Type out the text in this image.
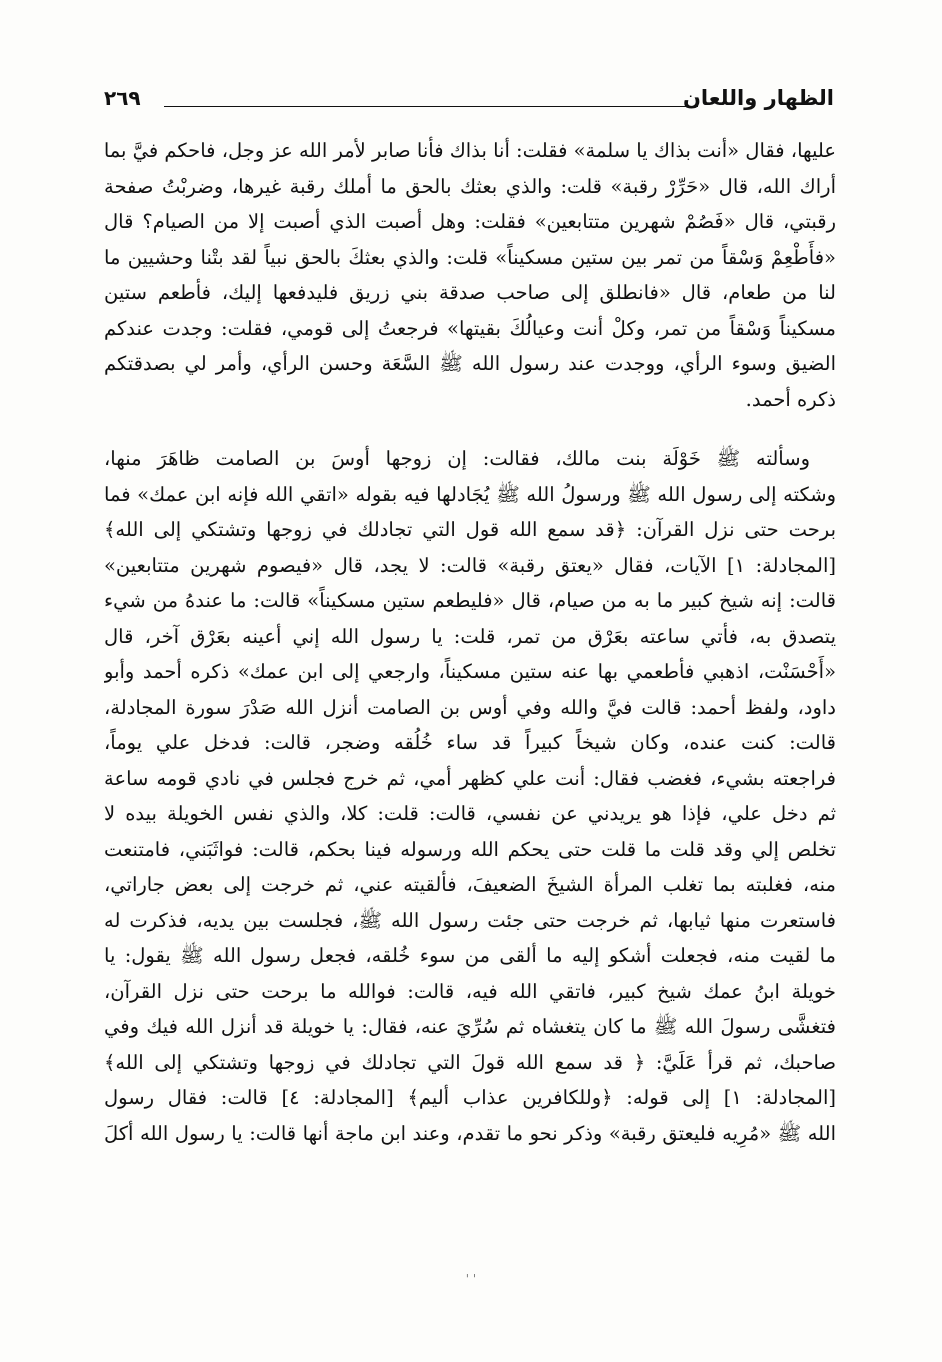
الظهار واللعان
٢٦٩
عليها، فقال «أنت بذاك يا سلمة» فقلت: أنا بذاك فأنا صابر لأمر الله عز وجل، فاحكم فيَّ بما
أراك الله، قال «حَرِّرْ رقبة» قلت: والذي بعثك بالحق ما أملك رقبة غيرها، وضربْتُ صفحة
رقبتي، قال «فَصُمْ شهرين متتابعين» فقلت: وهل أصبت الذي أصبت إلا من الصيام؟ قال
«فأَطْعِمْ وَسْقاً من تمر بين ستين مسكيناً» قلت: والذي بعثكَ بالحق نبياً لقد بتْنا وحشيين ما
لنا من طعام، قال «فانطلق إلى صاحب صدقة بني زريق فليدفعها إليك، فأطعم ستين
مسكيناً وَسْقاً من تمر، وكلْ أنت وعيالُكَ بقيتها» فرجعتُ إلى قومي، فقلت: وجدت عندكم
الضيق وسوء الرأي، ووجدت عند رسول الله ﷺ السَّعَة وحسن الرأي، وأمر لي بصدقتكم
ذكره أحمد.
وسألته ﷺ خَوْلَة بنت مالك، فقالت: إن زوجها أوسَ بن الصامت ظاهَرَ منها،
وشكته إلى رسول الله ﷺ ورسولُ الله ﷺ يُجَادلها فيه بقوله «اتقي الله فإنه ابن عمك» فما
برحت حتى نزل القرآن: ﴿قد سمع الله قول التي تجادلك في زوجها وتشتكي إلى الله﴾
[المجادلة: ١] الآيات، فقال «يعتق رقبة» قالت: لا يجد، قال «فيصوم شهرين متتابعين»
قالت: إنه شيخ كبير ما به من صيام، قال «فليطعم ستين مسكيناً» قالت: ما عندهُ من شيء
يتصدق به، فأتي ساعته بعَرْق من تمر، قلت: يا رسول الله إني أعينه بعَرْق آخر، قال
«أَحْسَنْت، اذهبي فأطعمي بها عنه ستين مسكيناً، وارجعي إلى ابن عمك» ذكره أحمد وأبو
داود، ولفظ أحمد: قالت فيَّ والله وفي أوس بن الصامت أنزل الله صَدْرَ سورة المجادلة،
قالت: كنت عنده، وكان شيخاً كبيراً قد ساء خُلُقه وضجر، قالت: فدخل علي يوماً،
فراجعته بشيء، فغضب فقال: أنت علي كظهر أمي، ثم خرج فجلس في نادي قومه ساعة
ثم دخل علي، فإذا هو يريدني عن نفسي، قالت: قلت: كلا، والذي نفس الخويلة بيده لا
تخلص إلي وقد قلت ما قلت حتى يحكم الله ورسوله فينا بحكم، قالت: فواثَبَني، فامتنعت
منه، فغلبته بما تغلب المرأة الشيخَ الضعيفَ، فألقيته عني، ثم خرجت إلى بعض جاراتي،
فاستعرت منها ثيابها، ثم خرجت حتى جئت رسول الله ﷺ، فجلست بين يديه، فذكرت له
ما لقيت منه، فجعلت أشكو إليه ما ألقى من سوء خُلقه، فجعل رسول الله ﷺ يقول: يا
خويلة ابنُ عمك شيخ كبير، فاتقي الله فيه، قالت: فوالله ما برحت حتى نزل القرآن،
فتغشَّى رسولَ الله ﷺ ما كان يتغشاه ثم سُرِّيَ عنه، فقال: يا خويلة قد أنزل الله فيك وفي
صاحبك، ثم قرأ عَلَيَّ: ﴿ قد سمع الله قولَ التي تجادلك في زوجها وتشتكي إلى الله﴾
[المجادلة: ١] إلى قوله: ﴿وللكافرين عذاب أليم﴾ [المجادلة: ٤] قالت: فقال رسول
الله ﷺ «مُرِيه فليعتق رقبة» وذكر نحو ما تقدم، وعند ابن ماجة أنها قالت: يا رسول الله أكلَ
' '
